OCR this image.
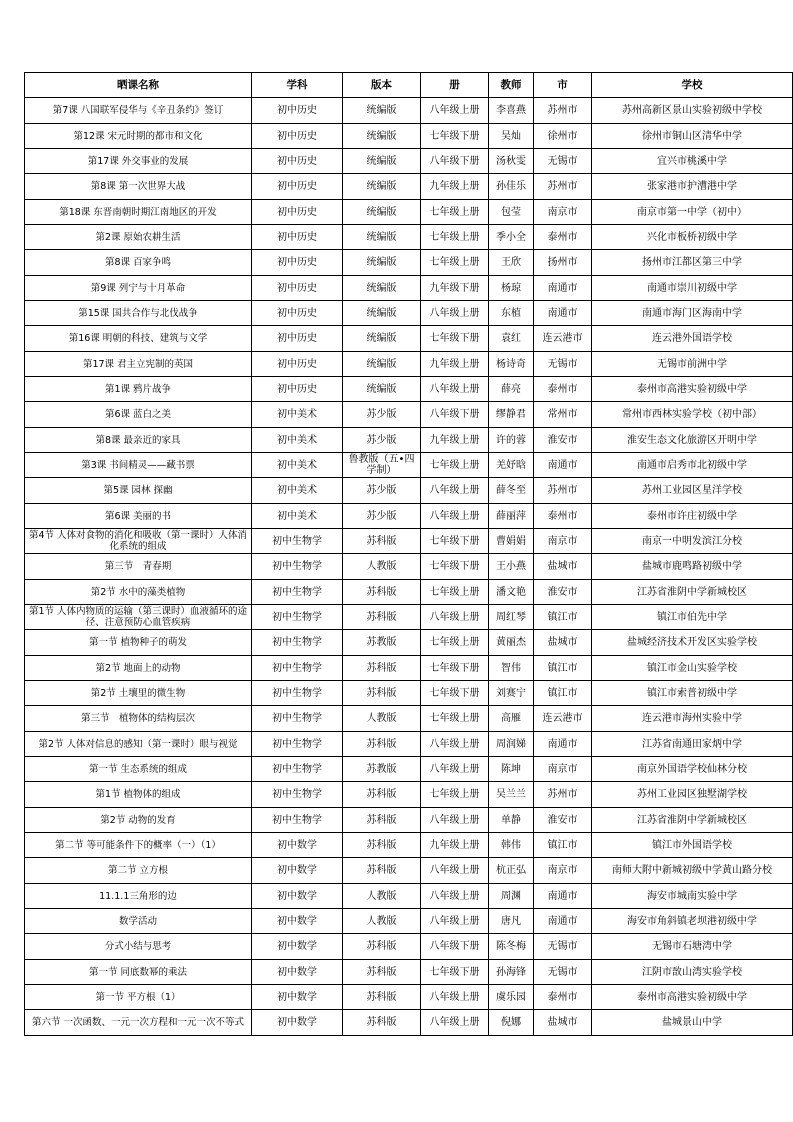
晒课名称	学科	版本	册	教师	市	学校
第7课 八国联军侵华与《辛丑条约》签订	初中历史	统编版	八年级上册	李喜燕	苏州市	苏州高新区景山实验初级中学校
第12课 宋元时期的都市和文化	初中历史	统编版	七年级下册	吴灿	徐州市	徐州市铜山区清华中学
第17课 外交事业的发展	初中历史	统编版	八年级下册	汤秋雯	无锡市	宜兴市桃溪中学
第8课 第一次世界大战	初中历史	统编版	九年级上册	孙佳乐	苏州市	张家港市护漕港中学
第18课 东晋南朝时期江南地区的开发	初中历史	统编版	七年级上册	包莹	南京市	南京市第一中学（初中）
第2课 原始农耕生活	初中历史	统编版	七年级上册	季小全	泰州市	兴化市板桥初级中学
第8课 百家争鸣	初中历史	统编版	七年级上册	王欣	扬州市	扬州市江都区第三中学
第9课 列宁与十月革命	初中历史	统编版	九年级下册	杨琼	南通市	南通市崇川初级中学
第15课 国共合作与北伐战争	初中历史	统编版	八年级上册	东植	南通市	南通市海门区海南中学
第16课 明朝的科技、建筑与文学	初中历史	统编版	七年级下册	袁红	连云港市	连云港外国语学校
第17课 君主立宪制的英国	初中历史	统编版	九年级上册	杨诗奇	无锡市	无锡市前洲中学
第1课 鸦片战争	初中历史	统编版	八年级上册	薛亮	泰州市	泰州市高港实验初级中学
第6课 蓝白之美	初中美术	苏少版	八年级下册	缪静君	常州市	常州市西林实验学校（初中部）
第8课 最亲近的家具	初中美术	苏少版	九年级上册	许的蓉	淮安市	淮安生态文化旅游区开明中学
第3课 书间精灵——藏书票	初中美术	鲁教版（五•四学制）	七年级上册	羌妤晗	南通市	南通市启秀市北初级中学
第5课 园林 探幽	初中美术	苏少版	八年级上册	薛冬至	苏州市	苏州工业园区星洋学校
第6课 美丽的书	初中美术	苏少版	八年级上册	薛丽萍	泰州市	泰州市许庄初级中学
第4节 人体对食物的消化和吸收（第一课时）人体消化系统的组成	初中生物学	苏科版	七年级下册	曹娟娟	南京市	南京一中明发滨江分校
第三节　青春期	初中生物学	人教版	七年级下册	王小燕	盐城市	盐城市鹿鸣路初级中学
第2节 水中的藻类植物	初中生物学	苏科版	七年级上册	潘文艳	淮安市	江苏省淮阴中学新城校区
第1节 人体内物质的运输（第三课时）血液循环的途径、注意预防心血管疾病	初中生物学	苏科版	八年级上册	周红琴	镇江市	镇江市伯先中学
第一节 植物种子的萌发	初中生物学	苏教版	七年级上册	黄丽杰	盐城市	盐城经济技术开发区实验学校
第2节 地面上的动物	初中生物学	苏科版	七年级下册	智伟	镇江市	镇江市金山实验学校
第2节 土壤里的微生物	初中生物学	苏科版	七年级下册	刘赛宁	镇江市	镇江市索普初级中学
第三节　植物体的结构层次	初中生物学	人教版	七年级上册	高雁	连云港市	连云港市海州实验中学
第2节 人体对信息的感知（第一课时）眼与视觉	初中生物学	苏科版	八年级上册	周润娣	南通市	江苏省南通田家炳中学
第一节 生态系统的组成	初中生物学	苏教版	八年级上册	陈坤	南京市	南京外国语学校仙林分校
第1节 植物体的组成	初中生物学	苏科版	七年级上册	吴兰兰	苏州市	苏州工业园区独墅湖学校
第2节 动物的发育	初中生物学	苏科版	八年级上册	单静	淮安市	江苏省淮阴中学新城校区
第二节 等可能条件下的概率（一）（1）	初中数学	苏科版	九年级上册	韩伟	镇江市	镇江市外国语学校
第二节 立方根	初中数学	苏科版	八年级上册	杭正弘	南京市	南师大附中新城初级中学黄山路分校
11.1.1三角形的边	初中数学	人教版	八年级上册	周渊	南通市	海安市城南实验中学
数学活动	初中数学	人教版	八年级上册	唐凡	南通市	海安市角斜镇老坝港初级中学
分式小结与思考	初中数学	苏科版	八年级下册	陈冬梅	无锡市	无锡市石塘湾中学
第一节 同底数幂的乘法	初中数学	苏科版	七年级下册	孙海锋	无锡市	江阴市敔山湾实验学校
第一节 平方根（1）	初中数学	苏科版	八年级上册	虞乐园	泰州市	泰州市高港实验初级中学
第六节 一次函数、一元一次方程和一元一次不等式	初中数学	苏科版	八年级上册	倪娜	盐城市	盐城景山中学
